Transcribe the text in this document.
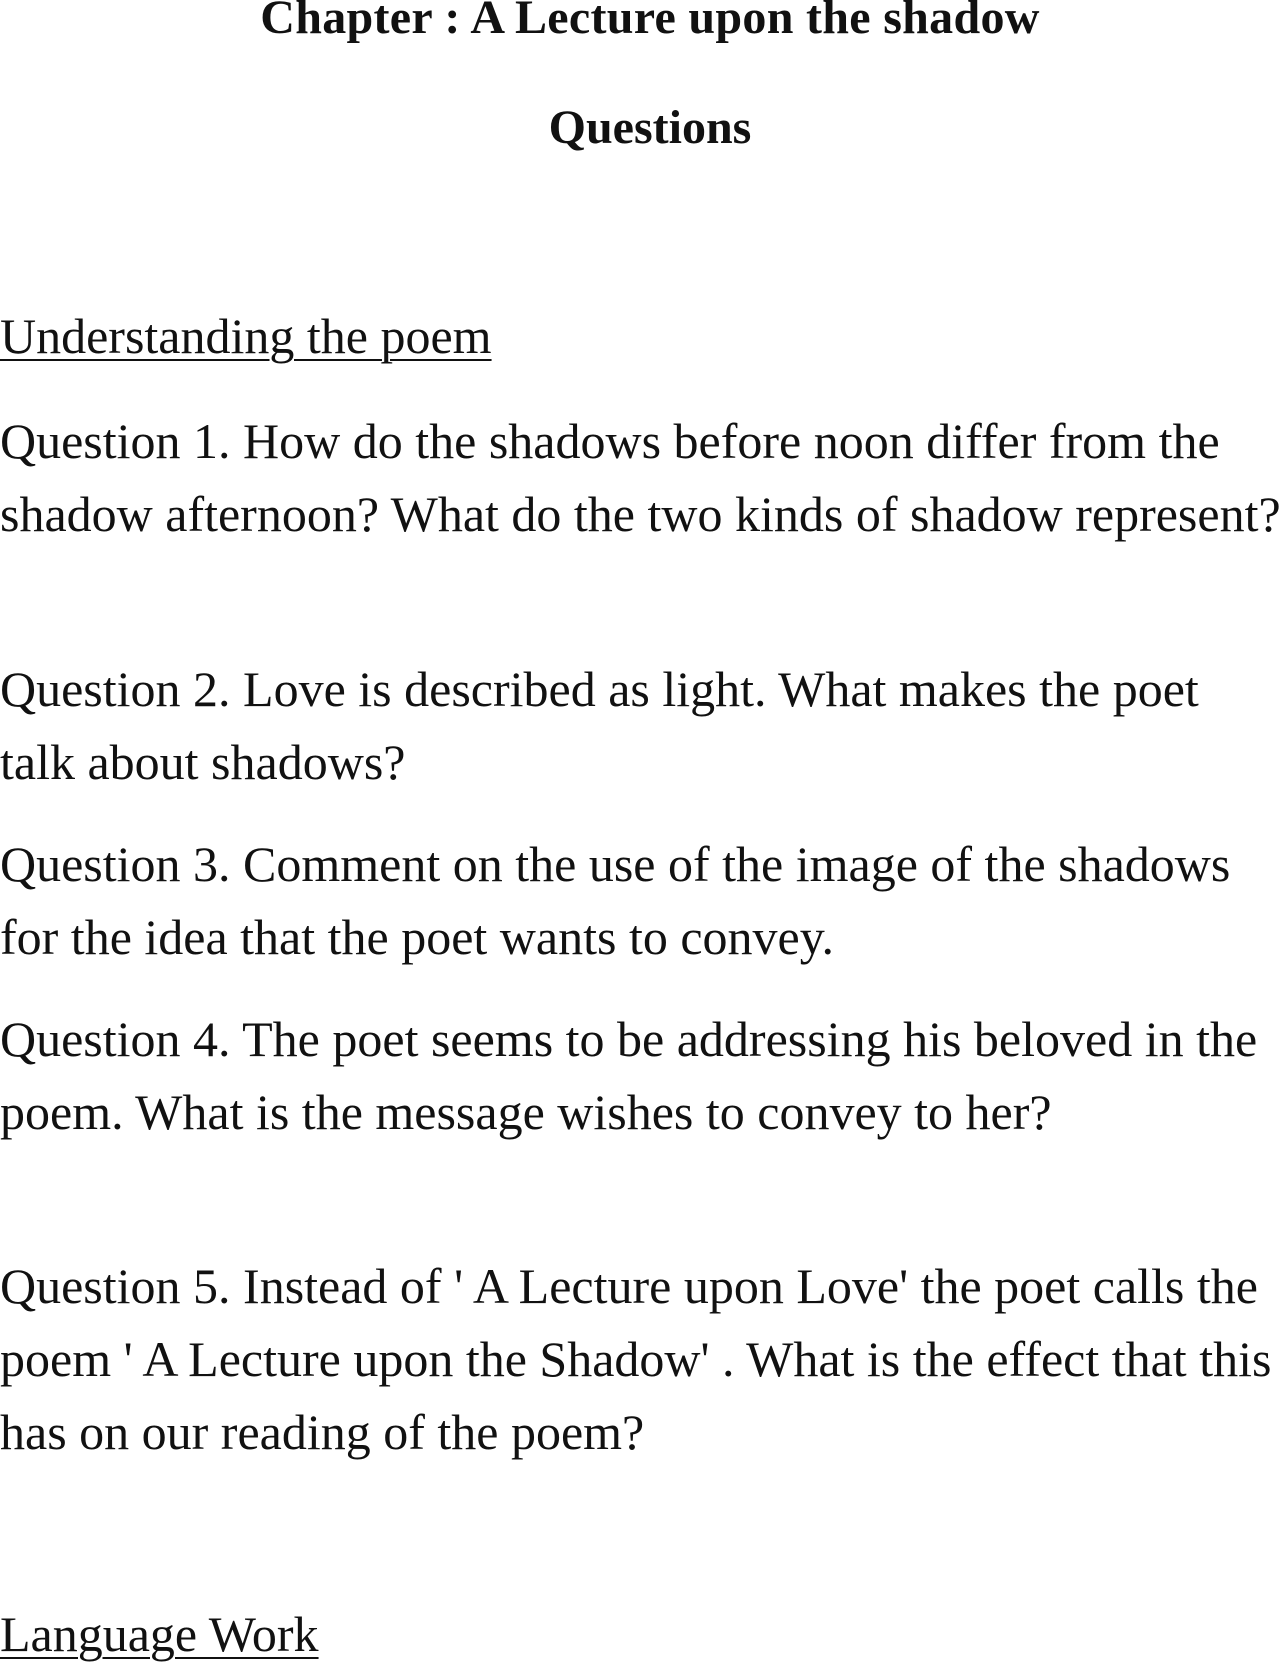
Chapter : A Lecture upon the shadow
Questions
Understanding the poem

Question 1. How do the shadows before noon differ from the shadow afternoon? What do the two kinds of shadow represent?

Question 2. Love is described as light. What makes the poet talk about shadows?

Question 3. Comment on the use of the image of the shadows for the idea that the poet wants to convey.

Question 4. The poet seems to be addressing his beloved in the poem. What is the message wishes to convey to her?

Question 5. Instead of ' A Lecture upon Love' the poet calls the poem ' A Lecture upon the Shadow' . What is the effect that this has on our reading of the poem?

Language Work
